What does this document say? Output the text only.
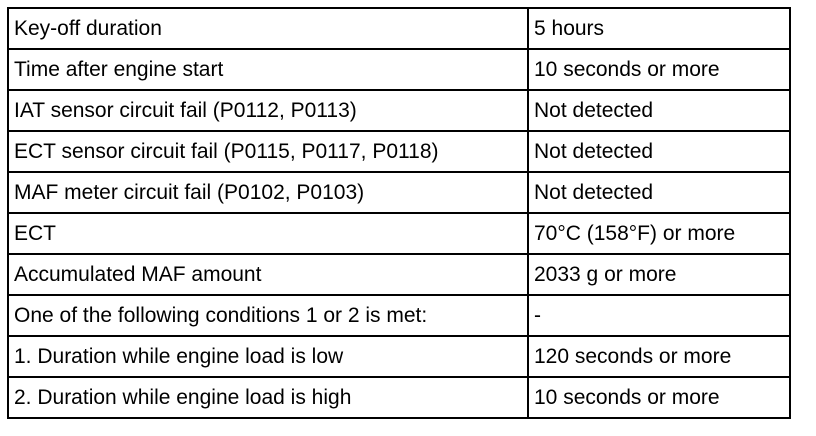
Key-off duration	5 hours
Time after engine start	10 seconds or more
IAT sensor circuit fail (P0112, P0113)	Not detected
ECT sensor circuit fail (P0115, P0117, P0118)	Not detected
MAF meter circuit fail (P0102, P0103)	Not detected
ECT	70°C (158°F) or more
Accumulated MAF amount	2033 g or more
One of the following conditions 1 or 2 is met:	-
1. Duration while engine load is low	120 seconds or more
2. Duration while engine load is high	10 seconds or more
